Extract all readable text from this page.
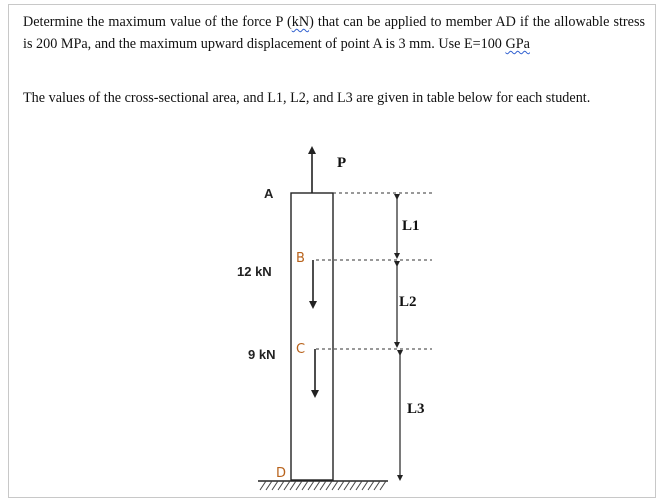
Determine the maximum value of the force P (kN) that can be applied to member AD if the allowable stress is 200 MPa, and the maximum upward displacement of point A is 3 mm. Use E=100 GPa
The values of the cross-sectional area, and L1, L2, and L3 are given in table below for each student.
P
A
B
12 kN
C
9 kN
D
L1
L2
L3
